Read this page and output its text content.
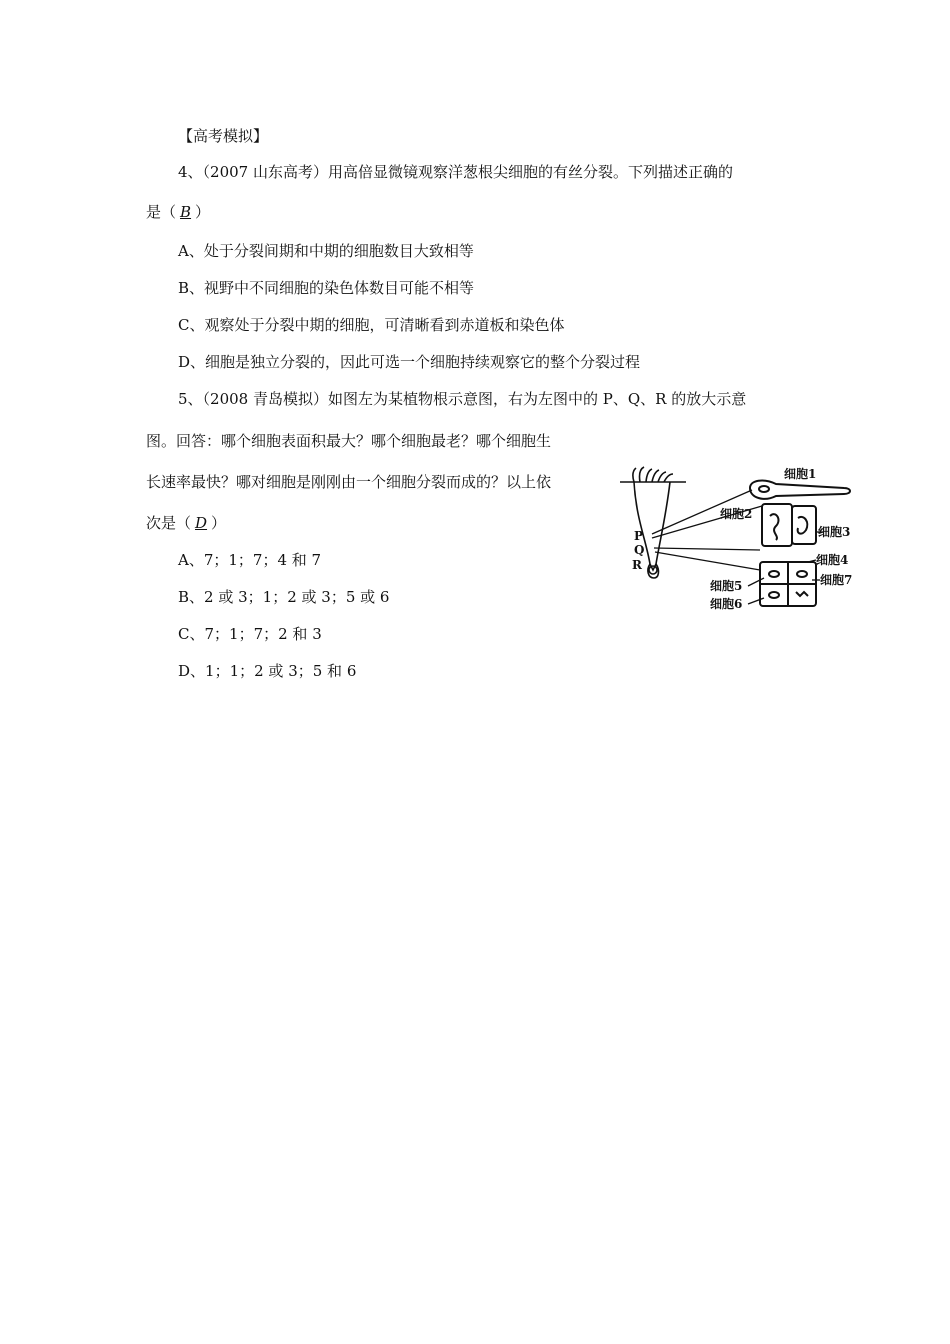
【高考模拟】
4、（2007 山东高考）用高倍显微镜观察洋葱根尖细胞的有丝分裂。下列描述正确的
是（ B ）
A、处于分裂间期和中期的细胞数目大致相等
B、视野中不同细胞的染色体数目可能不相等
C、观察处于分裂中期的细胞，可清晰看到赤道板和染色体
D、细胞是独立分裂的，因此可选一个细胞持续观察它的整个分裂过程
5、（2008 青岛模拟）如图左为某植物根示意图，右为左图中的 P、Q、R 的放大示意
图。回答：哪个细胞表面积最大？哪个细胞最老？哪个细胞生
长速率最快？哪对细胞是刚刚由一个细胞分裂而成的？以上依
次是（ D ）
A、7；1；7；4 和 7
B、2 或 3；1；2 或 3；5 或 6
C、7；1；7；2 和 3
D、1；1；2 或 3；5 和 6
P
Q
R
细胞1
细胞2
细胞3
细胞4
细胞7
细胞5
细胞6
